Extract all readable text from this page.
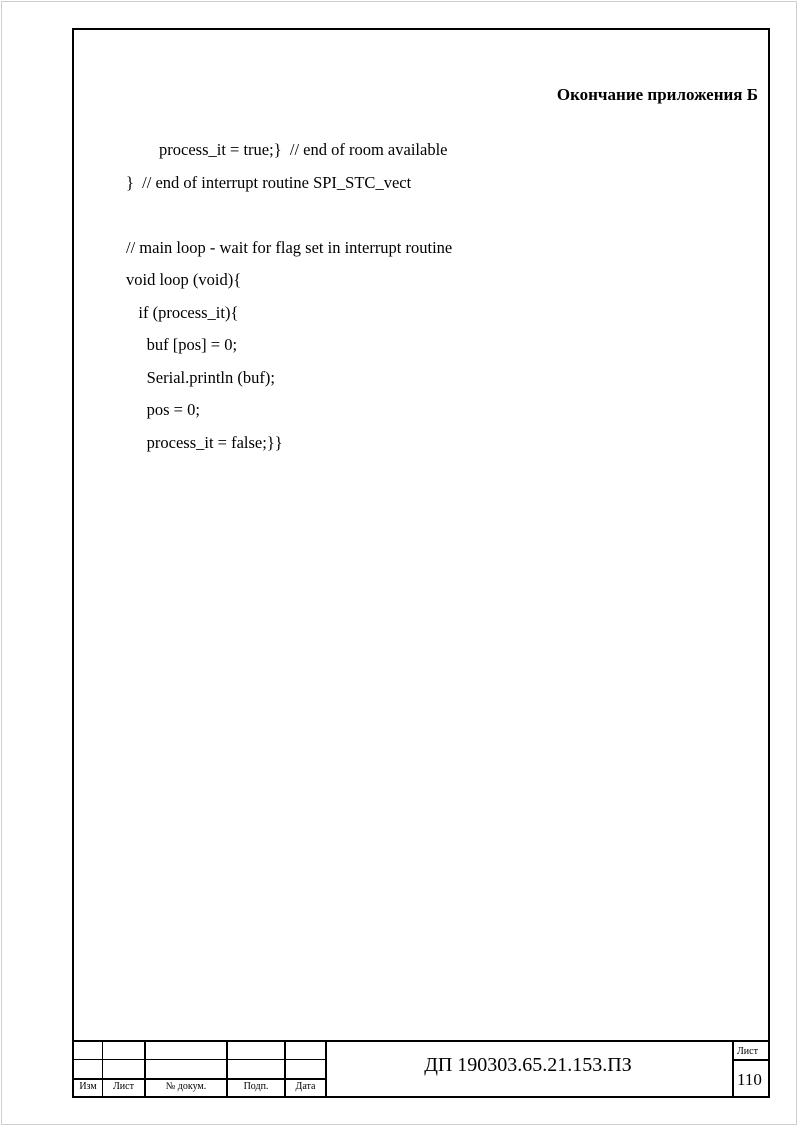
Окончание приложения Б
process_it = true;}  // end of room available
}  // end of interrupt routine SPI_STC_vect
// main loop - wait for flag set in interrupt routine
void loop (void){
if (process_it){
buf [pos] = 0;
Serial.println (buf);
pos = 0;
process_it = false;}}
Изм	Лист	№ докум.	Подп.	Дата
ДП 190303.65.21.153.ПЗ
Лист
110
